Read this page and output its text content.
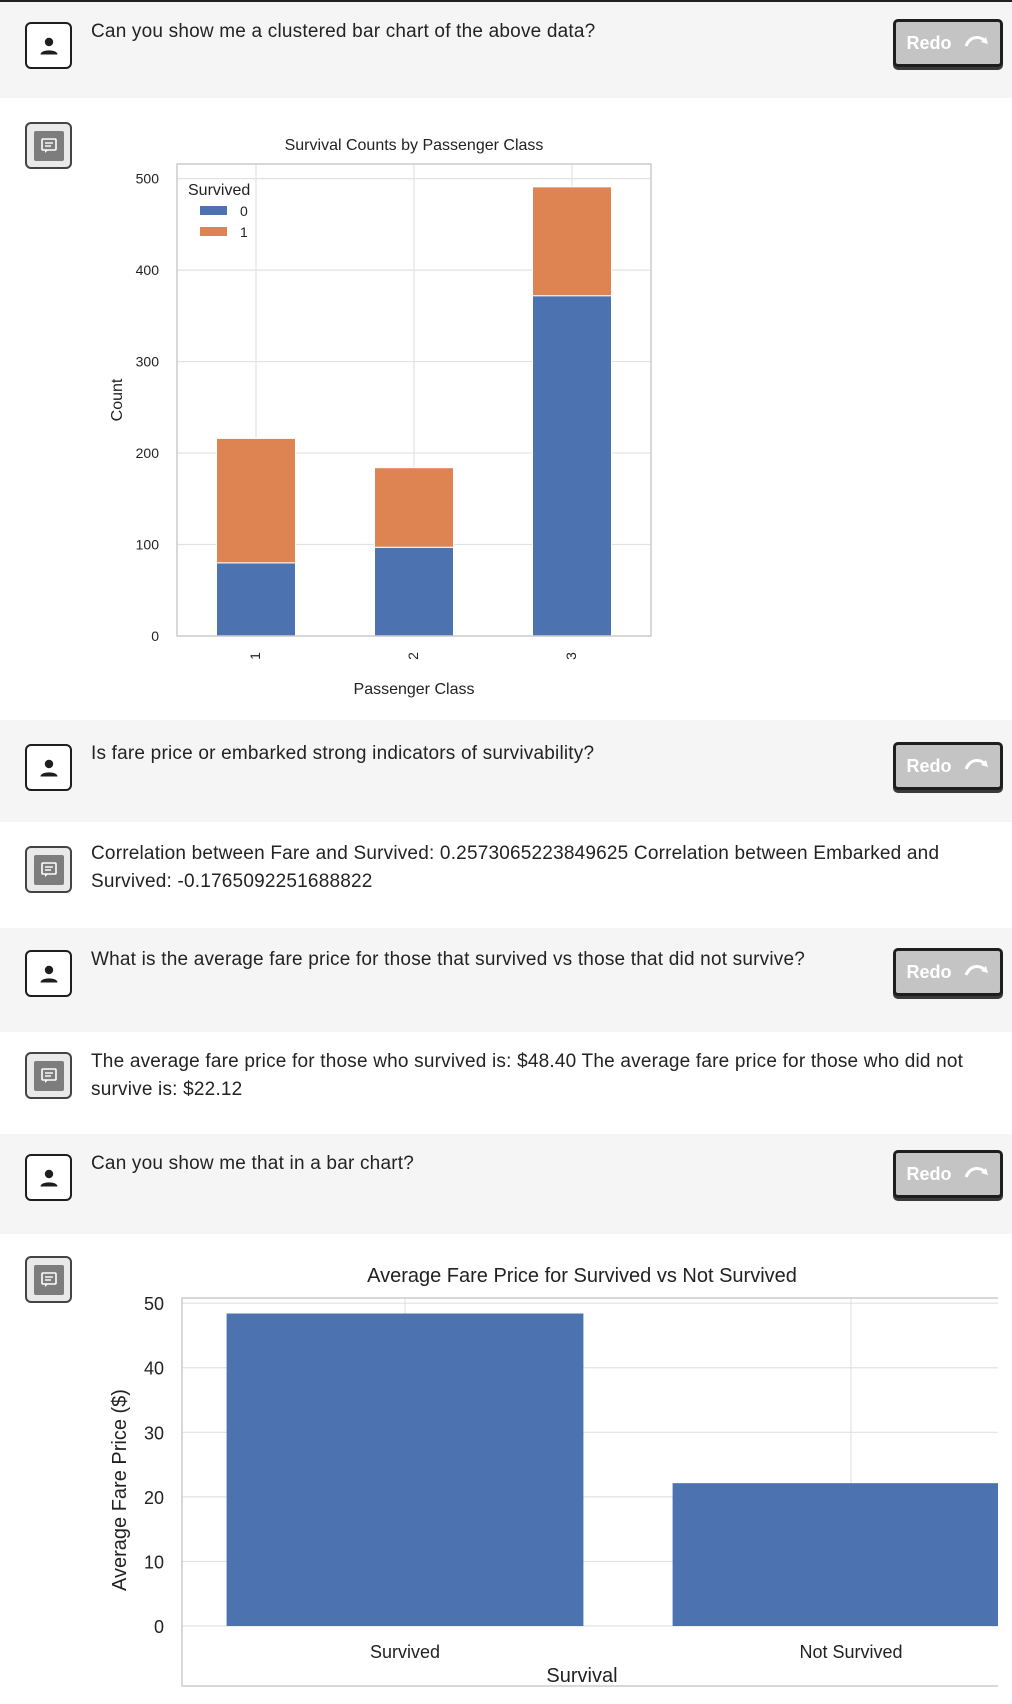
Can you show me a clustered bar chart of the above data?
Redo
Survival Counts by Passenger Class
0
100
200
300
400
500
1	2	3
Passenger Class
Count
Survived
0
1
Is fare price or embarked strong indicators of survivability?
Redo
Correlation between Fare and Survived: 0.2573065223849625 Correlation between Embarked and Survived: -0.1765092251688822
What is the average fare price for those that survived vs those that did not survive?
Redo
The average fare price for those who survived is: $48.40 The average fare price for those who did not survive is: $22.12
Can you show me that in a bar chart?	Redo
Average Fare Price for Survived vs Not Survived
0
10
20
30
40
50
Survived	Not Survived
Survival
Average Fare Price ($)
